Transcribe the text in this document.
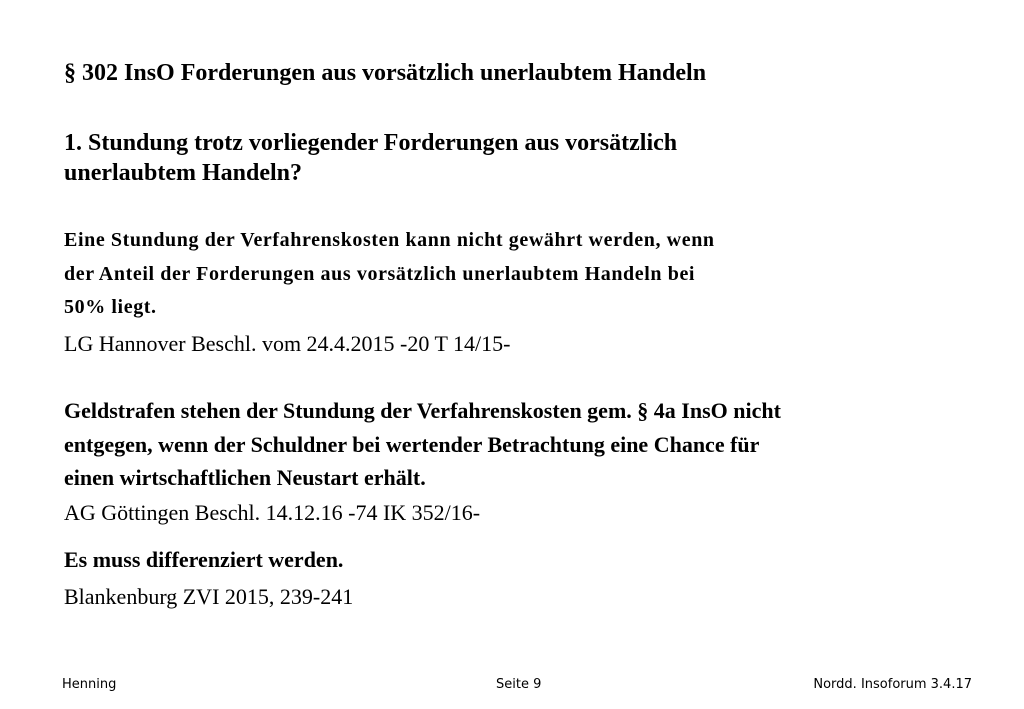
§ 302 InsO Forderungen aus vorsätzlich unerlaubtem Handeln
1. Stundung trotz vorliegender Forderungen aus vorsätzlich
unerlaubtem Handeln?
Eine Stundung der Verfahrenskosten kann nicht gewährt werden, wenn
der Anteil der Forderungen aus vorsätzlich unerlaubtem Handeln bei
50% liegt.
LG Hannover Beschl. vom 24.4.2015 -20 T 14/15-
Geldstrafen stehen der Stundung der Verfahrenskosten gem. § 4a InsO nicht
entgegen, wenn der Schuldner bei wertender Betrachtung eine Chance für
einen wirtschaftlichen Neustart erhält.
AG Göttingen Beschl. 14.12.16 -74 IK 352/16-
Es muss differenziert werden.
Blankenburg ZVI 2015, 239-241
Henning	Seite 9	Nordd. Insoforum 3.4.17
